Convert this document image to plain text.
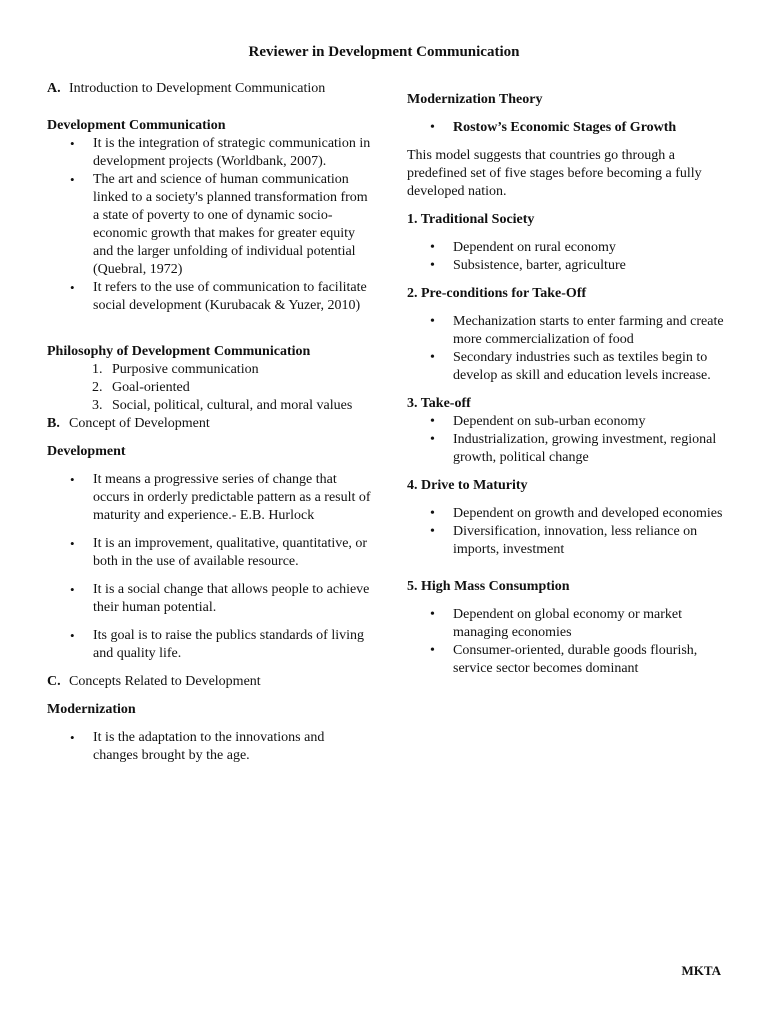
Reviewer in Development Communication
A. Introduction to Development Communication
Development Communication
•	It is the integration of strategic communication in development projects (Worldbank, 2007).
•	The art and science of human communication linked to a society's planned transformation from a state of poverty to one of dynamic socio-economic growth that makes for greater equity and the larger unfolding of individual potential (Quebral, 1972)
•	It refers to the use of communication to facilitate social development (Kurubacak & Yuzer, 2010)
Philosophy of Development Communication
1. Purposive communication
2. Goal-oriented
3. Social, political, cultural, and moral values
B. Concept of Development
Development
•	It means a progressive series of change that occurs in orderly predictable pattern as a result of maturity and experience.- E.B. Hurlock
•	It is an improvement, qualitative, quantitative, or both in the use of available resource.
•	It is a social change that allows people to achieve their human potential.
•	Its goal is to raise the publics standards of living and quality life.
C. Concepts Related to Development
Modernization
•	It is the adaptation to the innovations and changes brought by the age.
Modernization Theory
•	Rostow’s Economic Stages of Growth
This model suggests that countries go through a predefined set of five stages before becoming a fully developed nation.
1. Traditional Society
•	Dependent on rural economy
•	Subsistence, barter, agriculture
2. Pre-conditions for Take-Off
•	Mechanization starts to enter farming and create more commercialization of food
•	Secondary industries such as textiles begin to develop as skill and education levels increase.
3. Take-off
•	Dependent on sub-urban economy
•	Industrialization, growing investment, regional growth, political change
4. Drive to Maturity
•	Dependent on growth and developed economies
•	Diversification, innovation, less reliance on imports, investment
5. High Mass Consumption
•	Dependent on global economy or market managing economies
•	Consumer-oriented, durable goods flourish, service sector becomes dominant
MKTA
